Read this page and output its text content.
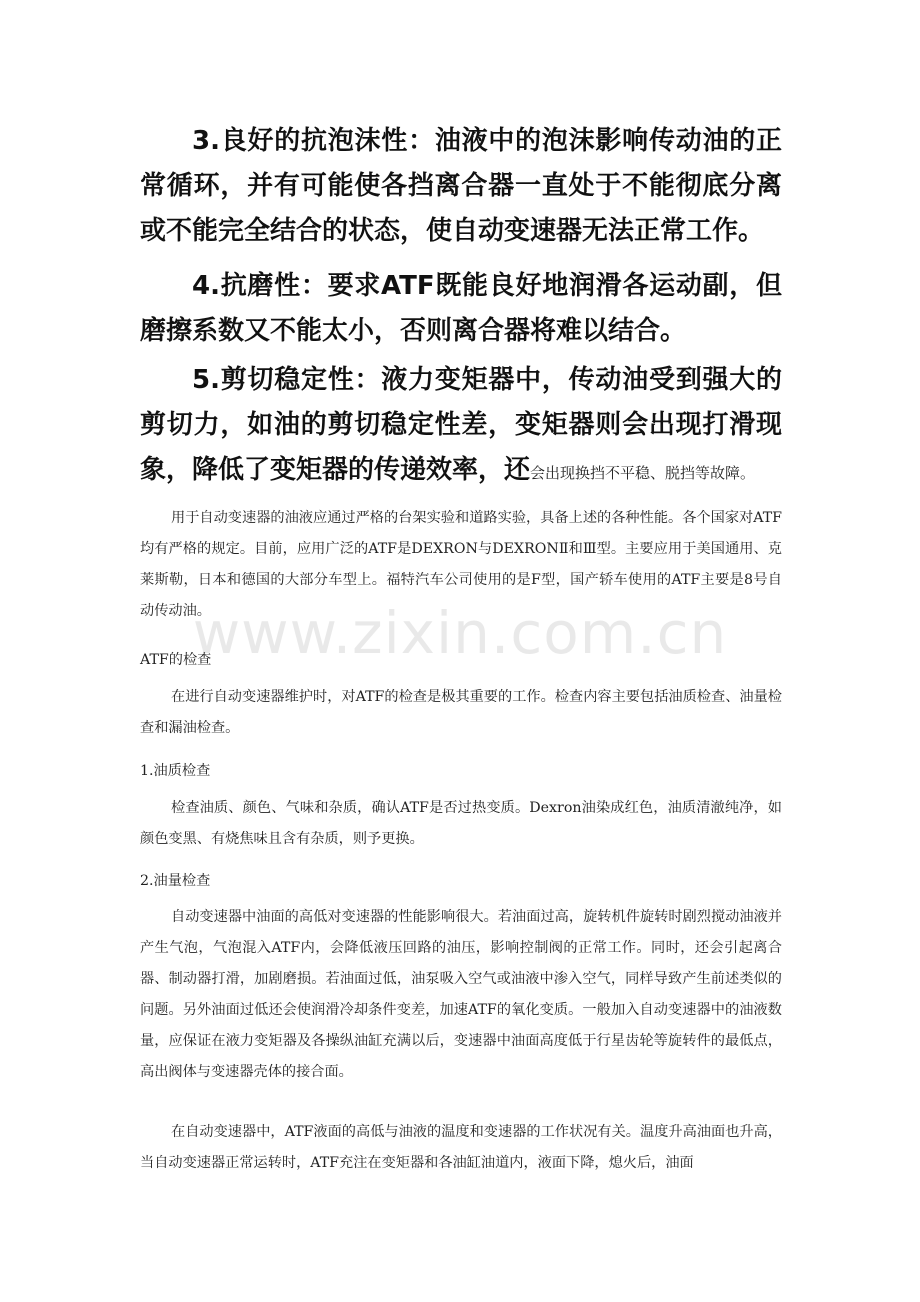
3.良好的抗泡沫性：油液中的泡沫影响传动油的正常循环，并有可能使各挡离合器一直处于不能彻底分离或不能完全结合的状态，使自动变速器无法正常工作。

4.抗磨性：要求ATF既能良好地润滑各运动副，但磨擦系数又不能太小，否则离合器将难以结合。

5.剪切稳定性：液力变矩器中，传动油受到强大的剪切力，如油的剪切稳定性差，变矩器则会出现打滑现象，降低了变矩器的传递效率，还会出现换挡不平稳、脱挡等故障。

用于自动变速器的油液应通过严格的台架实验和道路实验，具备上述的各种性能。各个国家对ATF均有严格的规定。目前，应用广泛的ATF是DEXRON与DEXRONⅡ和Ⅲ型。主要应用于美国通用、克莱斯勒，日本和德国的大部分车型上。福特汽车公司使用的是F型，国产轿车使用的ATF主要是8号自动传动油。

ATF的检查

在进行自动变速器维护时，对ATF的检查是极其重要的工作。检查内容主要包括油质检查、油量检查和漏油检查。

1.油质检查

检查油质、颜色、气味和杂质，确认ATF是否过热变质。Dexron油染成红色，油质清澈纯净，如颜色变黑、有烧焦味且含有杂质，则予更换。

2.油量检查

自动变速器中油面的高低对变速器的性能影响很大。若油面过高，旋转机件旋转时剧烈搅动油液并产生气泡，气泡混入ATF内，会降低液压回路的油压，影响控制阀的正常工作。同时，还会引起离合器、制动器打滑，加剧磨损。若油面过低，油泵吸入空气或油液中渗入空气，同样导致产生前述类似的问题。另外油面过低还会使润滑冷却条件变差，加速ATF的氧化变质。一般加入自动变速器中的油液数量，应保证在液力变矩器及各操纵油缸充满以后，变速器中油面高度低于行星齿轮等旋转件的最低点，高出阀体与变速器壳体的接合面。

在自动变速器中，ATF液面的高低与油液的温度和变速器的工作状况有关。温度升高油面也升高，当自动变速器正常运转时，ATF充注在变矩器和各油缸油道内，液面下降，熄火后，油面

www.zixin.com.cn
